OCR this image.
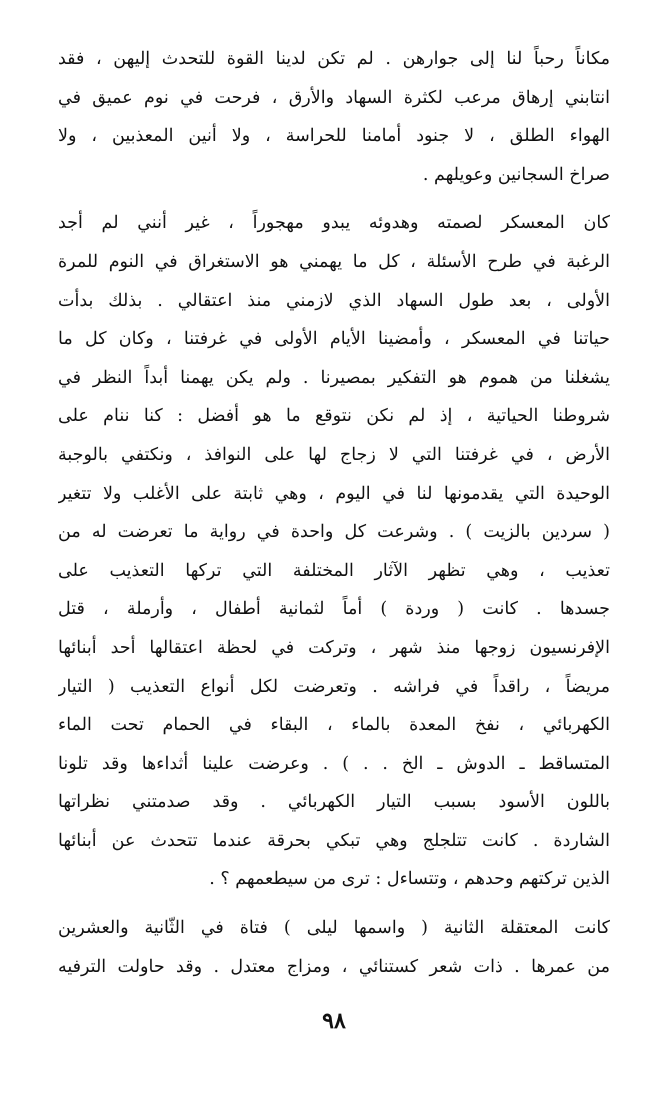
مكاناً رحباً لنا إلى جوارهن . لم تكن لدينا القوة للتحدث إليهن ، فقد
انتابني إرهاق مرعب لكثرة السهاد والأرق ، فرحت في نوم عميق في
الهواء الطلق ، لا جنود أمامنا للحراسة ، ولا أنين المعذبين ، ولا
صراخ السجانين وعويلهم .

كان المعسكر لصمته وهدوئه يبدو مهجوراً ، غير أنني لم أجد
الرغبة في طرح الأسئلة ، كل ما يهمني هو الاستغراق في النوم للمرة
الأولى ، بعد طول السهاد الذي لازمني منذ اعتقالي . بذلك بدأت
حياتنا في المعسكر ، وأمضينا الأيام الأولى في غرفتنا ، وكان كل ما
يشغلنا من هموم هو التفكير بمصيرنا . ولم يكن يهمنا أبداً النظر في
شروطنا الحياتية ، إذ لم نكن نتوقع ما هو أفضل : كنا ننام على
الأرض ، في غرفتنا التي لا زجاج لها على النوافذ ، ونكتفي بالوجبة
الوحيدة التي يقدمونها لنا في اليوم ، وهي ثابتة على الأغلب ولا تتغير
( سردين بالزيت ) . وشرعت كل واحدة في رواية ما تعرضت له من
تعذيب ، وهي تظهر الآثار المختلفة التي تركها التعذيب على
جسدها . كانت ( وردة ) أماً لثمانية أطفال ، وأرملة ، قتل
الإفرنسيون زوجها منذ شهر ، وتركت في لحظة اعتقالها أحد أبنائها
مريضاً ، راقداً في فراشه . وتعرضت لكل أنواع التعذيب ( التيار
الكهربائي ، نفخ المعدة بالماء ، البقاء في الحمام تحت الماء
المتساقط ـ الدوش ـ الخ . . ) . وعرضت علينا أثداءها وقد تلونا
باللون الأسود بسبب التيار الكهربائي . وقد صدمتني نظراتها
الشاردة . كانت تتلجلج وهي تبكي بحرقة عندما تتحدث عن أبنائها
الذين تركتهم وحدهم ، وتتساءل : ترى من سيطعمهم ؟ .

كانت المعتقلة الثانية ( واسمها ليلى ) فتاة في الثّانية والعشرين
من عمرها . ذات شعر كستنائي ، ومزاج معتدل . وقد حاولت الترفيه

٩٨
